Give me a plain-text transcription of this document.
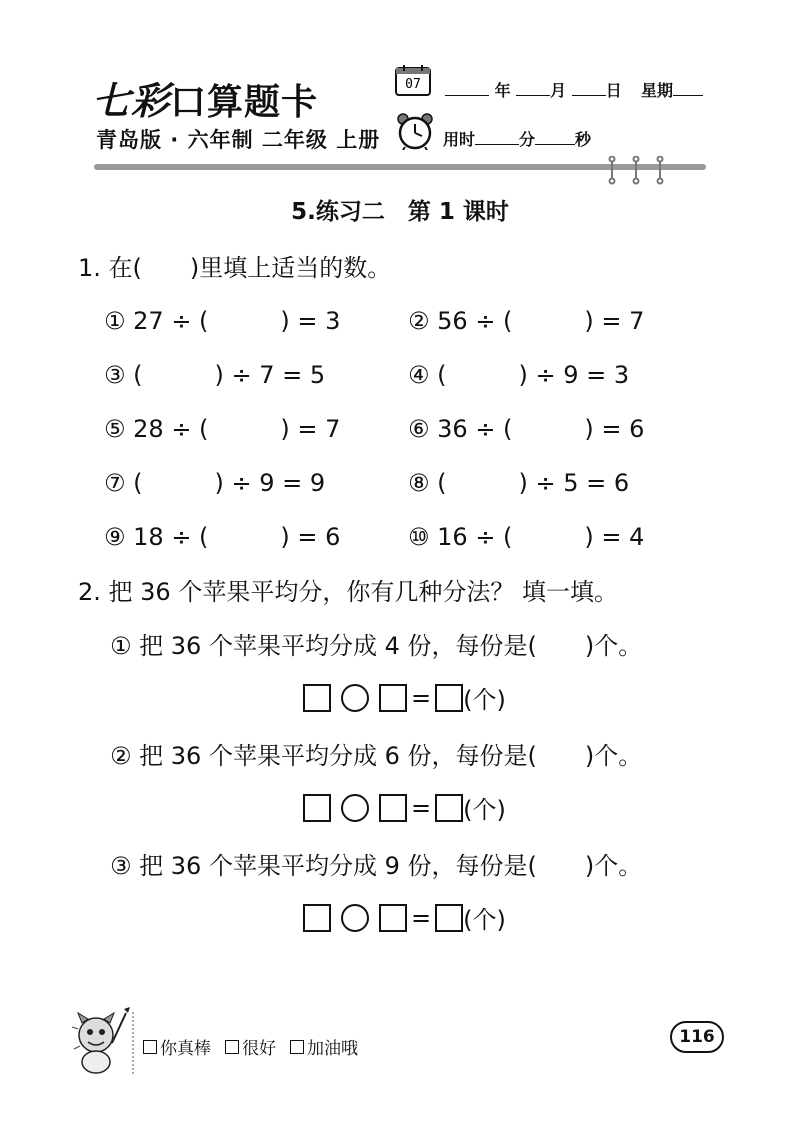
七彩口算题卡
青岛版 · 六年制 二年级 上册
07	年 月 日 星期
用时	分	秒
5.练习二　第 1 课时
1. 在(　　)里填上适当的数。
① 27 ÷ (　　　) = 3	② 56 ÷ (　　　) = 7
③ (　　　) ÷ 7 = 5	④ (　　　) ÷ 9 = 3
⑤ 28 ÷ (　　　) = 7	⑥ 36 ÷ (　　　) = 6
⑦ (　　　) ÷ 9 = 9	⑧ (　　　) ÷ 5 = 6
⑨ 18 ÷ (　　　) = 6	⑩ 16 ÷ (　　　) = 4
2. 把 36 个苹果平均分，你有几种分法？ 填一填。
① 把 36 个苹果平均分成 4 份，每份是(　　)个。
= (个)
② 把 36 个苹果平均分成 6 份，每份是(　　)个。
= (个)
③ 把 36 个苹果平均分成 9 份，每份是(　　)个。
= (个)
你真棒 很好 加油哦
116
